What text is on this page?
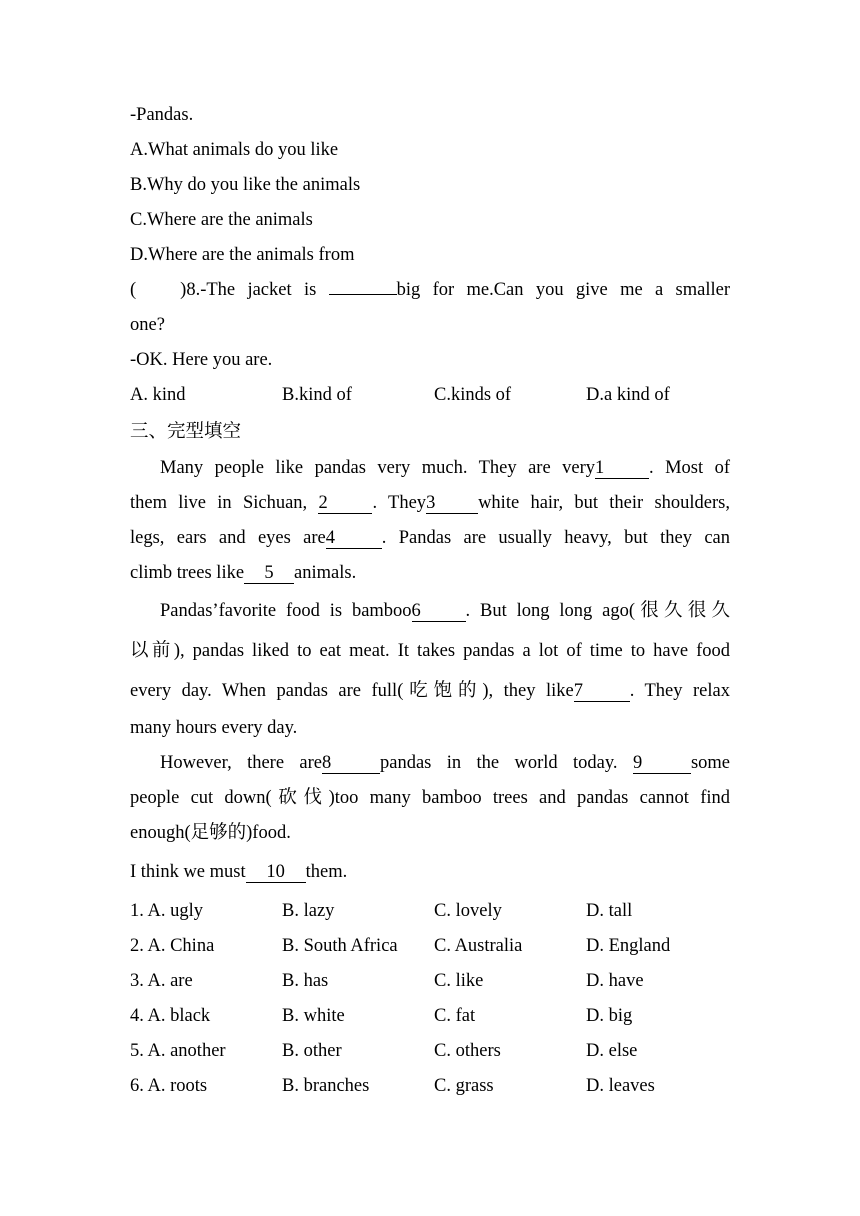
-Pandas.
A.What animals do you like
B.Why do you like the animals
C.Where are the animals
D.Where are the animals from
( )8.-The jacket is	big for me.Can you give me a smaller
one?
-OK. Here you are.
A. kind	B.kind of	C.kinds of	D.a kind of
三、完型填空
Many people like pandas very much. They are very1 . Most of
them live in Sichuan, 2 . They3 white hair, but their shoulders,
legs, ears and eyes are4	. Pandas are usually heavy, but they can
climb trees like 5 animals.
Pandas’favorite food is bamboo6 . But long long ago(很久很久
以前), pandas liked to eat meat. It takes pandas a lot of time to have food
every day. When pandas are full(吃饱的), they like7	. They relax
many hours every day.
However, there are8	pandas in the world today. 9	some
people cut down(砍伐)too many bamboo trees and pandas cannot find
enough(足够的)food.
I think we must 10 them.
1. A. ugly	B. lazy	C. lovely	D. tall
2. A. China	B. South Africa C. Australia	D. England
3. A. are	B. has	C. like	D. have
4. A. black	B. white	C. fat	D. big
5. A. another	B. other	C. others	D. else
6. A. roots	B. branches	C. grass	D. leaves
